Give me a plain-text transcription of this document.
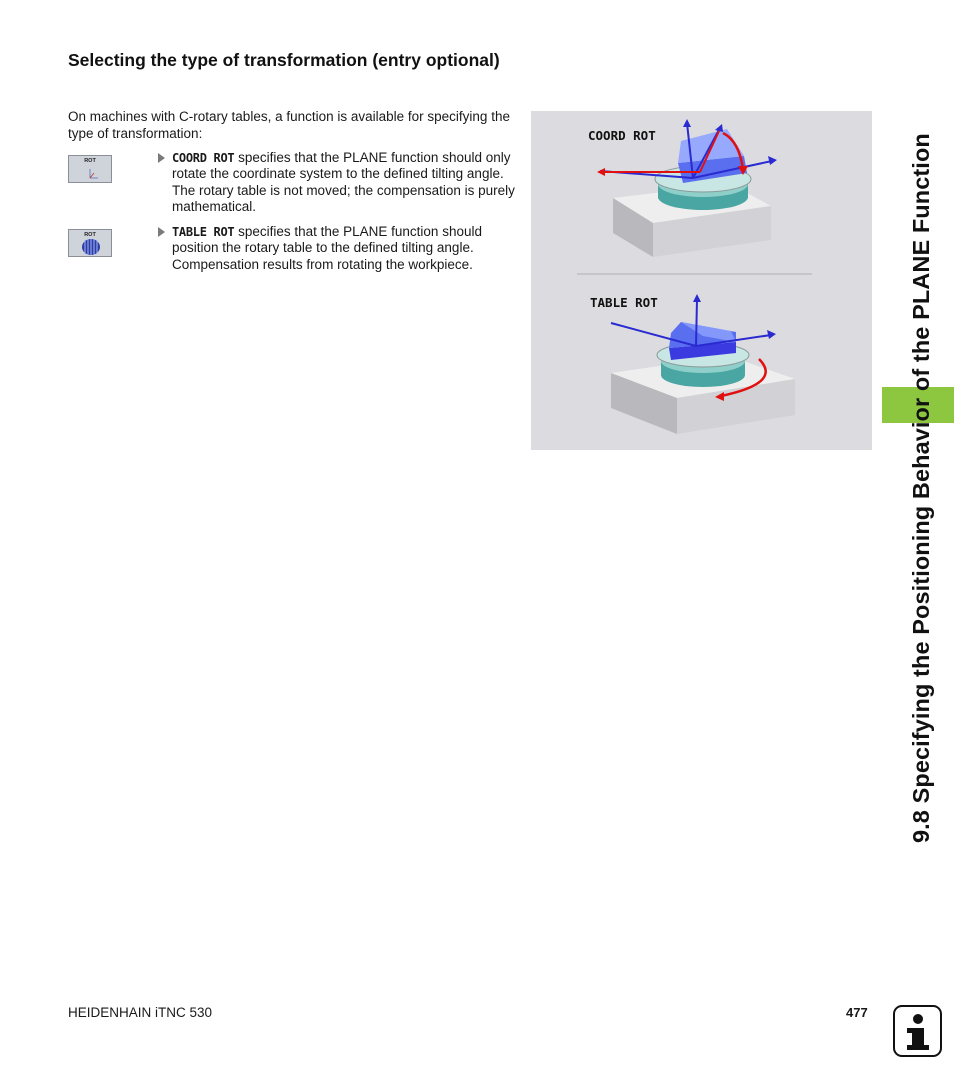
Selecting the type of transformation (entry optional)
On machines with C-rotary tables, a function is available for specifying the type of transformation:
ROT
ROT
COORD ROT specifies that the PLANE function should only rotate the coordinate system to the defined tilting angle. The rotary table is not moved; the compensation is purely mathematical.
TABLE ROT specifies that the PLANE function should position the rotary table to the defined tilting angle. Compensation results from rotating the workpiece.
COORD ROT
TABLE ROT	9.8 Specifying the Positioning Behavior of the PLANE Function
HEIDENHAIN iTNC 530	477
